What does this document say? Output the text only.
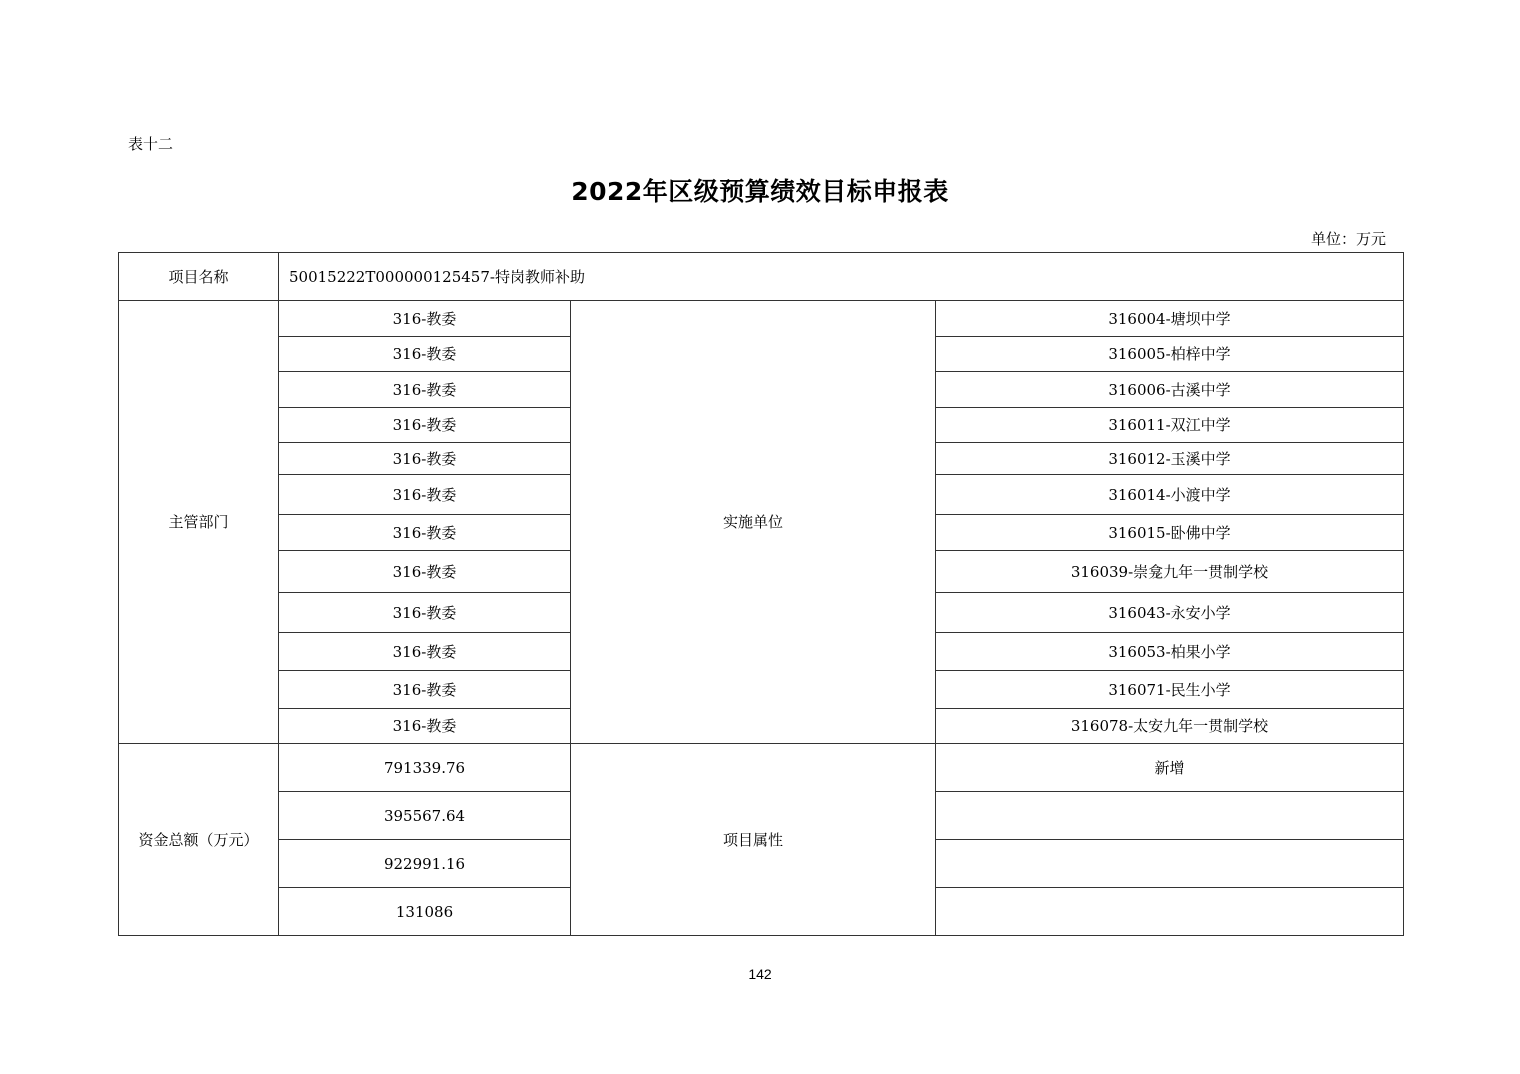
表十二
2022年区级预算绩效目标申报表
单位：万元
项目名称	50015222T000000125457-特岗教师补助		
主管部门	316-教委	实施单位	316004-塘坝中学
	316-教委		316005-柏梓中学
	316-教委		316006-古溪中学
	316-教委		316011-双江中学
	316-教委		316012-玉溪中学
	316-教委		316014-小渡中学
	316-教委		316015-卧佛中学
	316-教委		316039-崇龛九年一贯制学校
	316-教委		316043-永安小学
	316-教委		316053-柏果小学
	316-教委		316071-民生小学
	316-教委		316078-太安九年一贯制学校
资金总额（万元）	791339.76	项目属性	新增
	395567.64		
	922991.16		
	131086		
142
